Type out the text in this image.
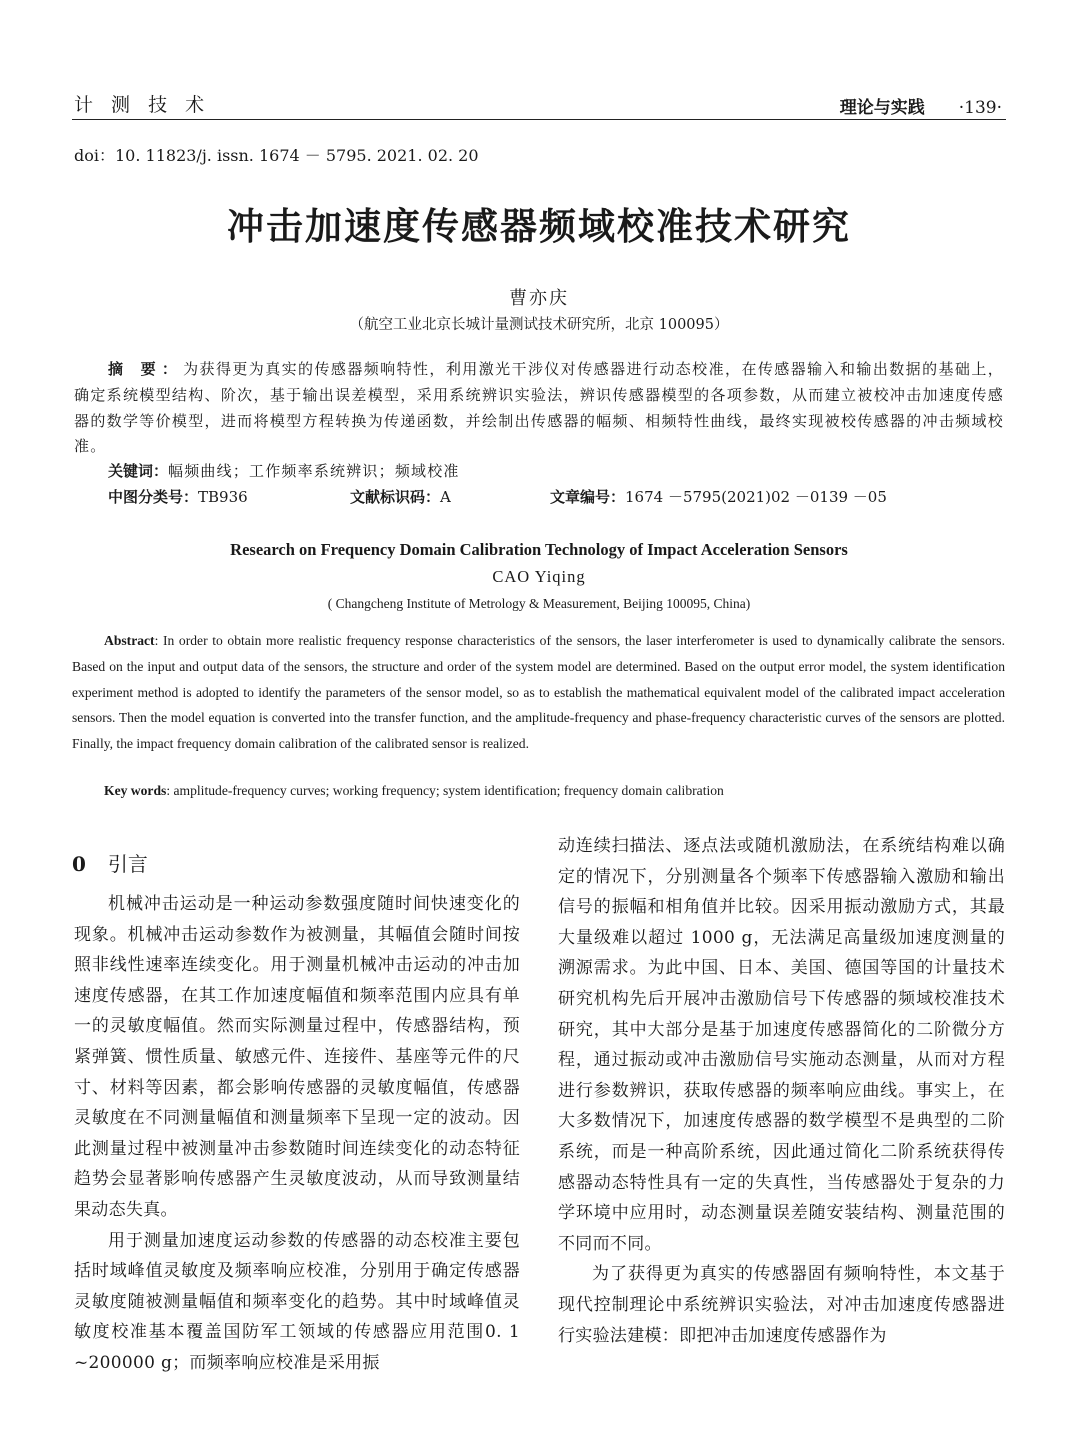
计 测 技 术	理论与实践 ·139·
doi：10. 11823/j. issn. 1674 － 5795. 2021. 02. 20
冲击加速度传感器频域校准技术研究
曹亦庆
（航空工业北京长城计量测试技术研究所，北京 100095）
摘 要：为获得更为真实的传感器频响特性，利用激光干涉仪对传感器进行动态校准，在传感器输入和输出数据的基础上，确定系统模型结构、阶次，基于输出误差模型，采用系统辨识实验法，辨识传感器模型的各项参数，从而建立被校冲击加速度传感器的数学等价模型，进而将模型方程转换为传递函数，并绘制出传感器的幅频、相频特性曲线，最终实现被校传感器的冲击频域校准。
关键词：幅频曲线；工作频率系统辨识；频域校准
中图分类号：TB936	文献标识码：A	文章编号：1674 －5795(2021)02 －0139 －05
Research on Frequency Domain Calibration Technology of Impact Acceleration Sensors
CAO Yiqing
( Changcheng Institute of Metrology & Measurement, Beijing 100095, China)
Abstract: In order to obtain more realistic frequency response characteristics of the sensors, the laser interferometer is used to dynamically calibrate the sensors. Based on the input and output data of the sensors, the structure and order of the system model are determined. Based on the output error model, the system identification experiment method is adopted to identify the parameters of the sensor model, so as to establish the mathematical equivalent model of the calibrated impact acceleration sensors. Then the model equation is converted into the transfer function, and the amplitude-frequency and phase-frequency characteristic curves of the sensors are plotted. Finally, the impact frequency domain calibration of the calibrated sensor is realized.
Key words: amplitude-frequency curves; working frequency; system identification; frequency domain calibration
0 引言

机械冲击运动是一种运动参数强度随时间快速变化的现象。机械冲击运动参数作为被测量，其幅值会随时间按照非线性速率连续变化。用于测量机械冲击运动的冲击加速度传感器，在其工作加速度幅值和频率范围内应具有单一的灵敏度幅值。然而实际测量过程中，传感器结构，预紧弹簧、惯性质量、敏感元件、连接件、基座等元件的尺寸、材料等因素，都会影响传感器的灵敏度幅值，传感器灵敏度在不同测量幅值和测量频率下呈现一定的波动。因此测量过程中被测量冲击参数随时间连续变化的动态特征趋势会显著影响传感器产生灵敏度波动，从而导致测量结果动态失真。

用于测量加速度运动参数的传感器的动态校准主要包括时域峰值灵敏度及频率响应校准，分别用于确定传感器灵敏度随被测量幅值和频率变化的趋势。其中时域峰值灵敏度校准基本覆盖国防军工领域的传感器应用范围0. 1 ~200000 g；而频率响应校准是采用振

动连续扫描法、逐点法或随机激励法，在系统结构难以确定的情况下，分别测量各个频率下传感器输入激励和输出信号的振幅和相角值并比较。因采用振动激励方式，其最大量级难以超过 1000 g，无法满足高量级加速度测量的溯源需求。为此中国、日本、美国、德国等国的计量技术研究机构先后开展冲击激励信号下传感器的频域校准技术研究，其中大部分是基于加速度传感器简化的二阶微分方程，通过振动或冲击激励信号实施动态测量，从而对方程进行参数辨识，获取传感器的频率响应曲线。事实上，在大多数情况下，加速度传感器的数学模型不是典型的二阶系统，而是一种高阶系统，因此通过简化二阶系统获得传感器动态特性具有一定的失真性，当传感器处于复杂的力学环境中应用时，动态测量误差随安装结构、测量范围的不同而不同。

为了获得更为真实的传感器固有频响特性，本文基于现代控制理论中系统辨识实验法，对冲击加速度传感器进行实验法建模：即把冲击加速度传感器作为
